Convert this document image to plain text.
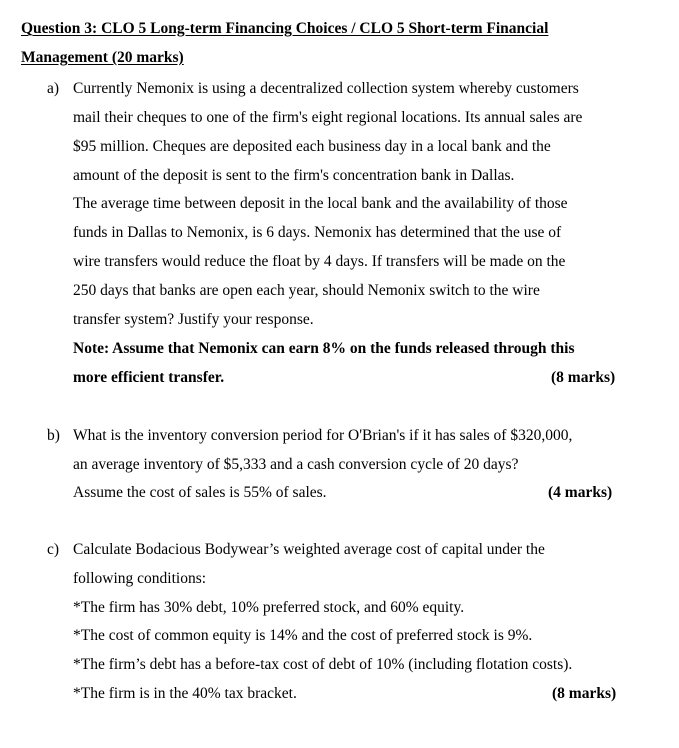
Question 3: CLO 5 Long-term Financing Choices / CLO 5 Short-term Financial
Management (20 marks)
a) Currently Nemonix is using a decentralized collection system whereby customers
mail their cheques to one of the firm's eight regional locations. Its annual sales are
$95 million. Cheques are deposited each business day in a local bank and the
amount of the deposit is sent to the firm's concentration bank in Dallas.
The average time between deposit in the local bank and the availability of those
funds in Dallas to Nemonix, is 6 days. Nemonix has determined that the use of
wire transfers would reduce the float by 4 days. If transfers will be made on the
250 days that banks are open each year, should Nemonix switch to the wire
transfer system? Justify your response.
Note: Assume that Nemonix can earn 8% on the funds released through this
more efficient transfer.	(8 marks)
b) What is the inventory conversion period for O'Brian's if it has sales of $320,000,
an average inventory of $5,333 and a cash conversion cycle of 20 days?
Assume the cost of sales is 55% of sales.	(4 marks)
c) Calculate Bodacious Bodywear’s weighted average cost of capital under the
following conditions:
*The firm has 30% debt, 10% preferred stock, and 60% equity.
*The cost of common equity is 14% and the cost of preferred stock is 9%.
*The firm’s debt has a before-tax cost of debt of 10% (including flotation costs).
*The firm is in the 40% tax bracket.	(8 marks)
